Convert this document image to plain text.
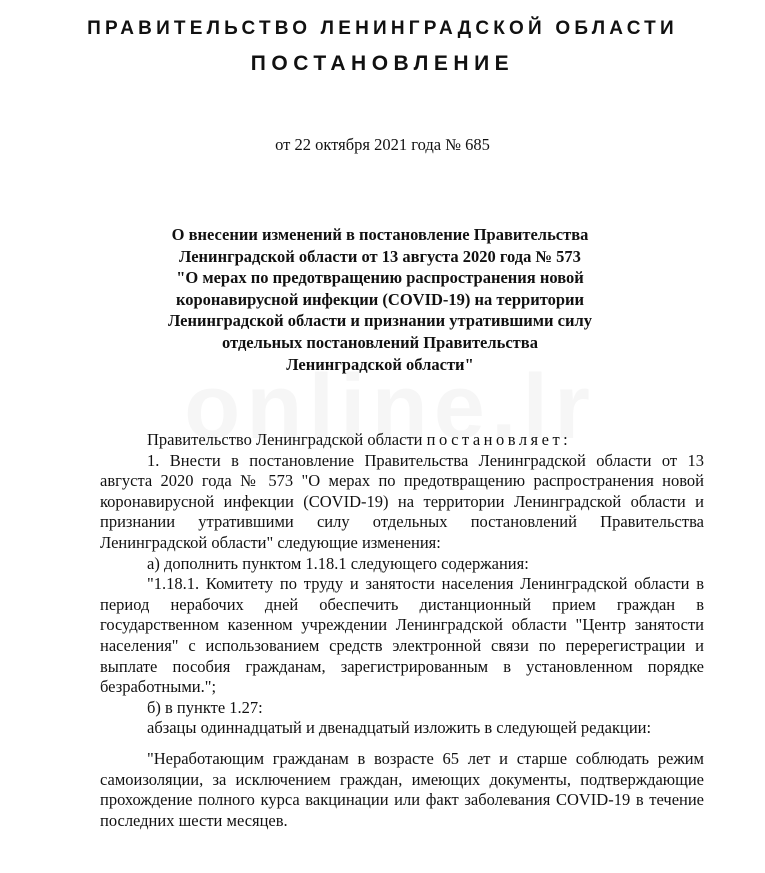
ПРАВИТЕЛЬСТВО ЛЕНИНГРАДСКОЙ ОБЛАСТИ
ПОСТАНОВЛЕНИЕ
от 22 октября 2021 года № 685
О внесении изменений в постановление Правительства
Ленинградской области от 13 августа 2020 года № 573
"О мерах по предотвращению распространения новой
коронавирусной инфекции (COVID-19) на территории
Ленинградской области и признании утратившими силу
отдельных постановлений Правительства
Ленинградской области"

Правительство Ленинградской области постановляет:

1. Внести в постановление Правительства Ленинградской области от 13 августа 2020 года № 573 "О мерах по предотвращению распространения новой коронавирусной инфекции (COVID-19) на территории Ленинградской области и признании утратившими силу отдельных постановлений Правительства Ленинградской области" следующие изменения:

а) дополнить пунктом 1.18.1 следующего содержания:

"1.18.1. Комитету по труду и занятости населения Ленинградской области в период нерабочих дней обеспечить дистанционный прием граждан в государственном казенном учреждении Ленинградской области "Центр занятости населения" с использованием средств электронной связи по перерегистрации и выплате пособия гражданам, зарегистрированным в установленном порядке безработными.";

б) в пункте 1.27:

абзацы одиннадцатый и двенадцатый изложить в следующей редакции:

"Неработающим гражданам в возрасте 65 лет и старше соблюдать режим самоизоляции, за исключением граждан, имеющих документы, подтверждающие прохождение полного курса вакцинации или факт заболевания COVID-19 в течение последних шести месяцев.
